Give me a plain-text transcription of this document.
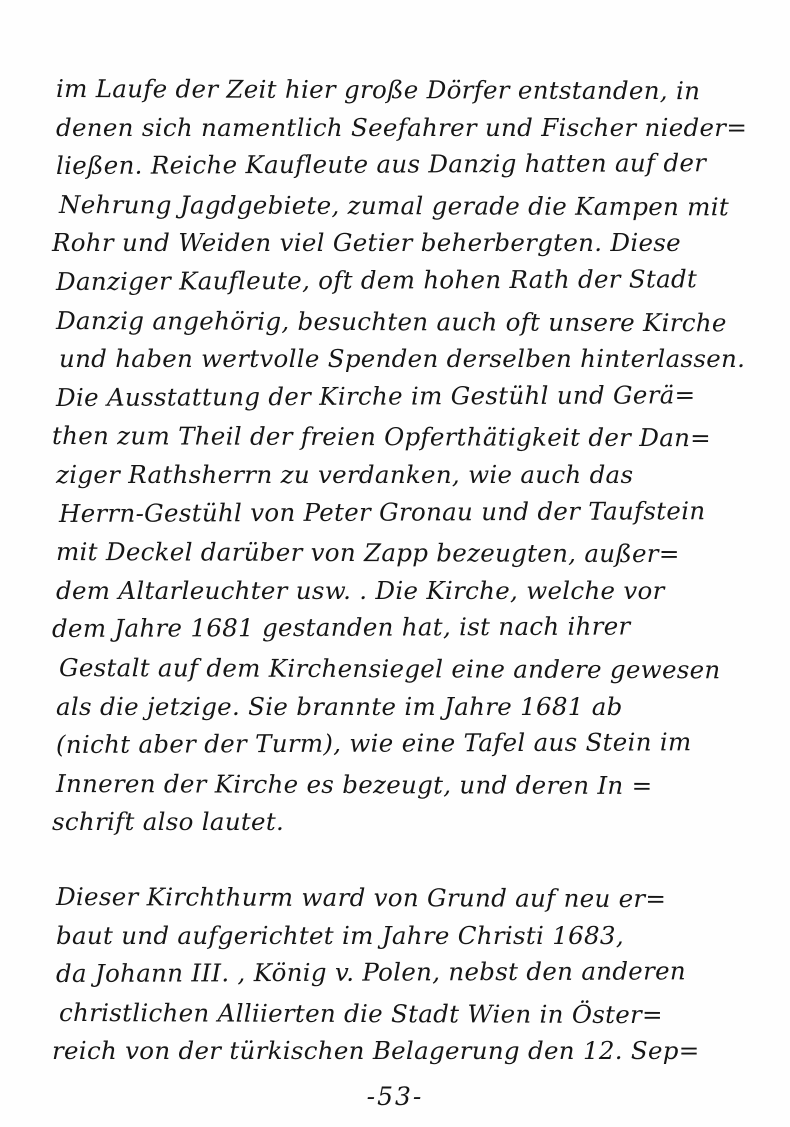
im Laufe der Zeit hier große Dörfer entstanden, in
denen sich namentlich Seefahrer und Fischer nieder=
ließen. Reiche Kaufleute aus Danzig hatten auf der
Nehrung Jagdgebiete, zumal gerade die Kampen mit
Rohr und Weiden viel Getier beherbergten. Diese
Danziger Kaufleute, oft dem hohen Rath der Stadt
Danzig angehörig, besuchten auch oft unsere Kirche
und haben wertvolle Spenden derselben hinterlassen.
Die Ausstattung der Kirche im Gestühl und Gerä=
then zum Theil der freien Opferthätigkeit der Dan=
ziger Rathsherrn zu verdanken, wie auch das
Herrn-Gestühl von Peter Gronau und der Taufstein
mit Deckel darüber von Zapp bezeugten, außer=
dem Altarleuchter usw. . Die Kirche, welche vor
dem Jahre 1681 gestanden hat, ist nach ihrer
Gestalt auf dem Kirchensiegel eine andere gewesen
als die jetzige. Sie brannte im Jahre 1681 ab
(nicht aber der Turm), wie eine Tafel aus Stein im
Inneren der Kirche es bezeugt, und deren In =
schrift also lautet.
Dieser Kirchthurm ward von Grund auf neu er=
baut und aufgerichtet im Jahre Christi 1683,
da Johann III. , König v. Polen, nebst den anderen
christlichen Alliierten die Stadt Wien in Öster=
reich von der türkischen Belagerung den 12. Sep=
-53-
